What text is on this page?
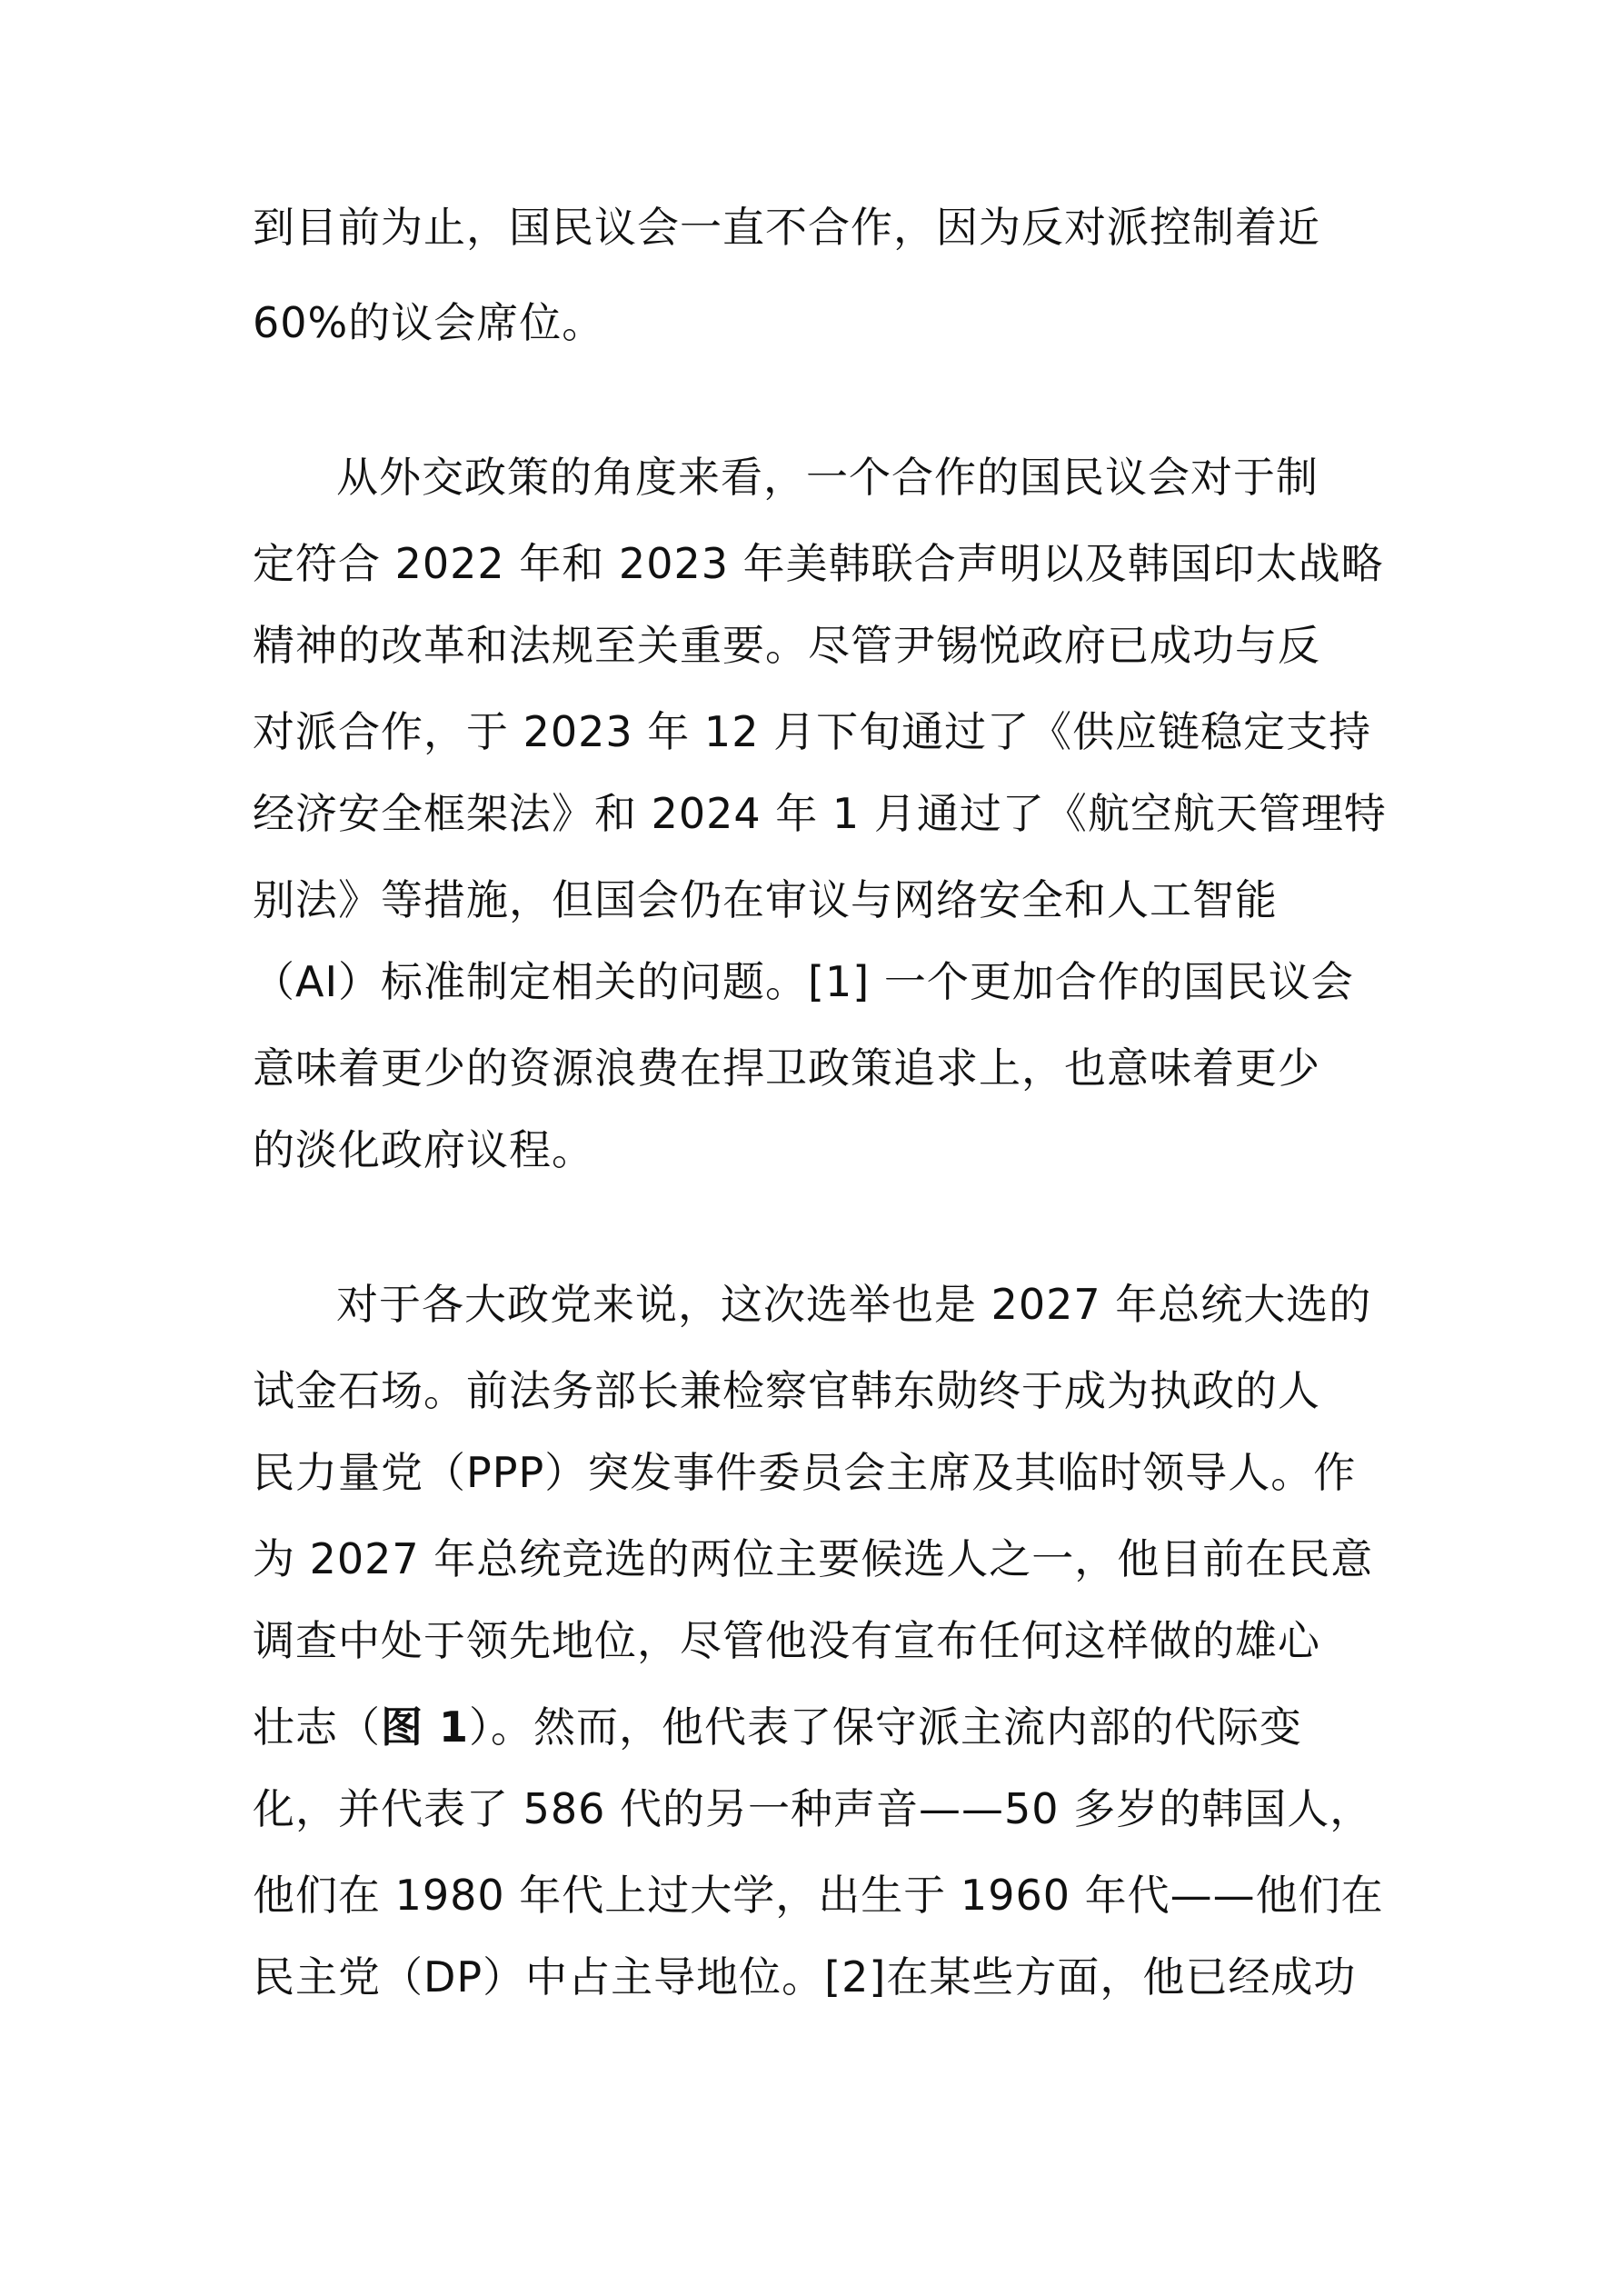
到目前为止，国民议会一直不合作，因为反对派控制着近
60%的议会席位。
从外交政策的角度来看，一个合作的国民议会对于制
定符合 2022 年和 2023 年美韩联合声明以及韩国印太战略
精神的改革和法规至关重要。尽管尹锡悦政府已成功与反
对派合作，于 2023 年 12 月下旬通过了《供应链稳定支持
经济安全框架法》和 2024 年 1 月通过了《航空航天管理特
别法》等措施，但国会仍在审议与网络安全和人工智能
（AI）标准制定相关的问题。[1] 一个更加合作的国民议会
意味着更少的资源浪费在捍卫政策追求上，也意味着更少
的淡化政府议程。
对于各大政党来说，这次选举也是 2027 年总统大选的
试金石场。前法务部长兼检察官韩东勋终于成为执政的人
民力量党（PPP）突发事件委员会主席及其临时领导人。作
为 2027 年总统竞选的两位主要候选人之一，他目前在民意
调查中处于领先地位，尽管他没有宣布任何这样做的雄心
壮志（图 1）。然而，他代表了保守派主流内部的代际变
化，并代表了 586 代的另一种声音——50 多岁的韩国人，
他们在 1980 年代上过大学，出生于 1960 年代——他们在
民主党（DP）中占主导地位。[2]在某些方面，他已经成功
